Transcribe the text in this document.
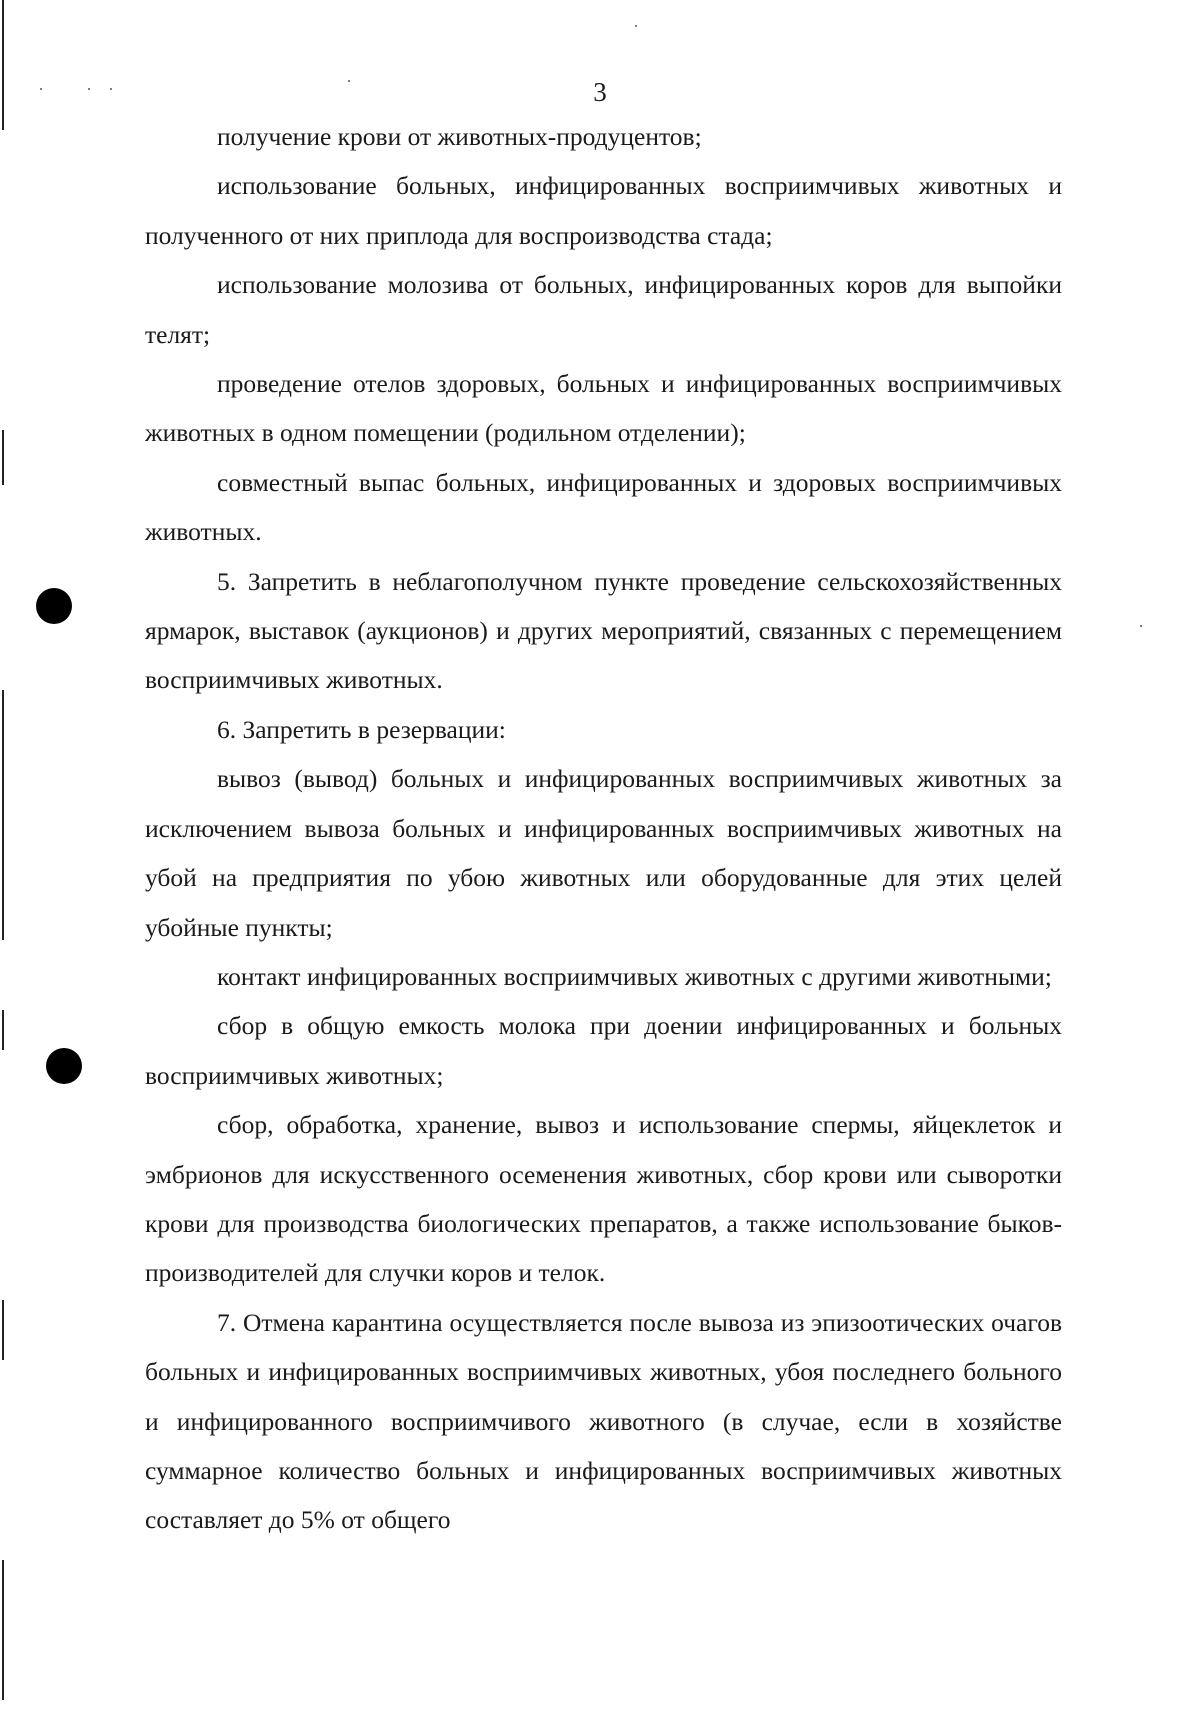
3

получение крови от животных-продуцентов;

использование больных, инфицированных восприимчивых животных и полученного от них приплода для воспроизводства стада;

использование молозива от больных, инфицированных коров для выпойки телят;

проведение отелов здоровых, больных и инфицированных восприимчивых животных в одном помещении (родильном отделении);

совместный выпас больных, инфицированных и здоровых восприимчивых животных.

5. Запретить в неблагополучном пункте проведение сельскохозяйственных ярмарок, выставок (аукционов) и других мероприятий, связанных с перемещением восприимчивых животных.

6. Запретить в резервации:

вывоз (вывод) больных и инфицированных восприимчивых животных за исключением вывоза больных и инфицированных восприимчивых животных на убой на предприятия по убою животных или оборудованные для этих целей убойные пункты;

контакт инфицированных восприимчивых животных с другими животными;

сбор в общую емкость молока при доении инфицированных и больных восприимчивых животных;

сбор, обработка, хранение, вывоз и использование спермы, яйцеклеток и эмбрионов для искусственного осеменения животных, сбор крови или сыворотки крови для производства биологических препаратов, а также использование быков-производителей для случки коров и телок.

7. Отмена карантина осуществляется после вывоза из эпизоотических очагов больных и инфицированных восприимчивых животных, убоя последнего больного и инфицированного восприимчивого животного (в случае, если в хозяйстве суммарное количество больных и инфицированных восприимчивых животных составляет до 5% от общего
